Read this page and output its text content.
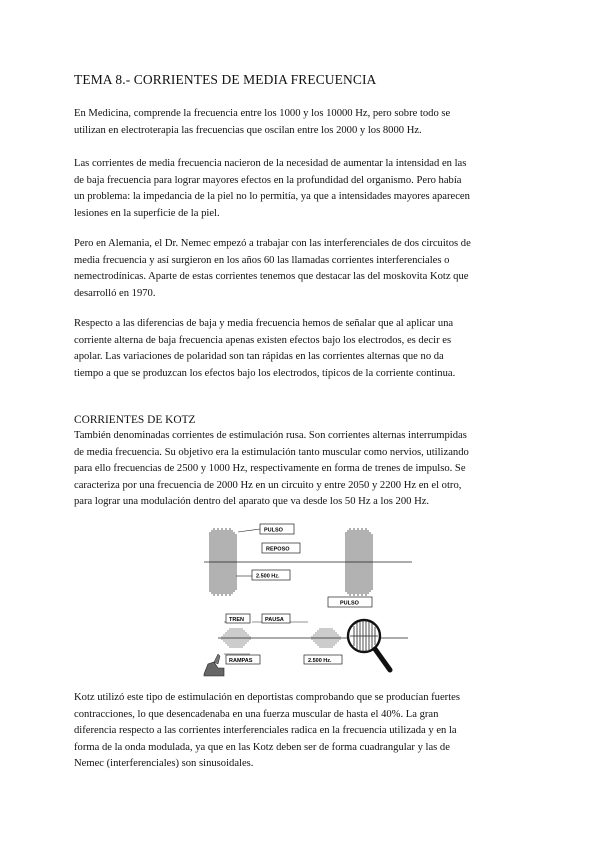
TEMA 8.- CORRIENTES DE MEDIA FRECUENCIA
En Medicina, comprende la frecuencia entre los 1000 y los 10000 Hz, pero sobre todo se
utilizan en electroterapia las frecuencias que oscilan entre los 2000 y los 8000 Hz.
Las corrientes de media frecuencia nacieron de la necesidad de aumentar la intensidad en las
de baja frecuencia para lograr mayores efectos en la profundidad del organismo. Pero había
un problema: la impedancia de la piel no lo permitía, ya que a intensidades mayores aparecen
lesiones en la superficie de la piel.
Pero en Alemania, el Dr. Nemec empezó a trabajar con las interferenciales de dos circuitos de
media frecuencia y así surgieron en los años 60 las llamadas corrientes interferenciales o
nemectrodínicas. Aparte de estas corrientes tenemos que destacar las del moskovita Kotz que
desarrolló en 1970.
Respecto a las diferencias de baja y media frecuencia hemos de señalar que al aplicar una
corriente alterna de baja frecuencia apenas existen efectos bajo los electrodos, es decir es
apolar. Las variaciones de polaridad son tan rápidas en las corrientes alternas que no da
tiempo a que se produzcan los efectos bajo los electrodos, típicos de la corriente continua.
CORRIENTES DE KOTZ
También denominadas corrientes de estimulación rusa. Son corrientes alternas interrumpidas
de media frecuencia. Su objetivo era la estimulación tanto muscular como nervios, utilizando
para ello frecuencias de 2500 y 1000 Hz, respectivamente en forma de trenes de impulso. Se
caracteriza por una frecuencia de 2000 Hz en un circuito y entre 2050 y 2200 Hz en el otro,
para lograr una modulación dentro del aparato que va desde los 50 Hz a los 200 Hz.
PULSO
REPOSO
2.500 Hz.
PULSO
TREN	PAUSA
RAMPAS	2.500 Hz.
Kotz utilizó este tipo de estimulación en deportistas comprobando que se producían fuertes
contracciones, lo que desencadenaba en una fuerza muscular de hasta el 40%. La gran
diferencia respecto a las corrientes interferenciales radica en la frecuencia utilizada y en la
forma de la onda modulada, ya que en las Kotz deben ser de forma cuadrangular y las de
Nemec (interferenciales) son sinusoidales.
